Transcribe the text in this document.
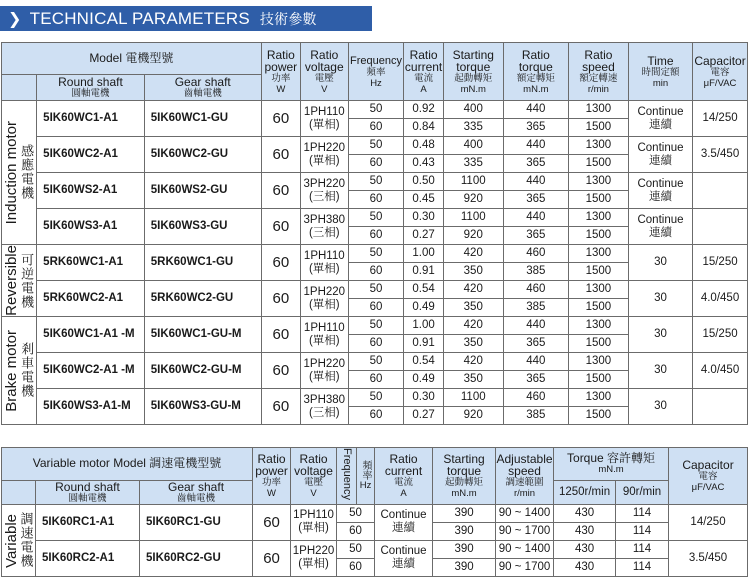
❯ TECHNICAL PARAMETERS 技術參數
Model 電機型號			Ratio
power
功率
W	Ratio
voltage
電壓
V	Frequency
頻率
Hz	Ratio
current
電流
A	Starting
torque
起動轉矩
mN.m	Ratio
torque
額定轉矩
mN.m	Ratio
speed
額定轉速
r/min	Time
時間定額
min	Capacitor
電容
μF/VAC

	Round shaft
圓軸電機	Gear shaft
齒軸電機									

Induction motor 感應電機	5IK60WC1-A1	5IK60WC1-GU	60	1PH110
(單相)	50	0.92	400	440	1300	Continue
連續	14/250
					60	0.84	335	365	1500		
	5IK60WC2-A1	5IK60WC2-GU	60	1PH220
(單相)	50	0.48	400	440	1300	Continue
連續	3.5/450
					60	0.43	335	365	1500		
	5IK60WS2-A1	5IK60WS2-GU	60	3PH220
(三相)	50	0.50	1100	440	1300	Continue
連續	

					60	0.45	920	365	1500		
	5IK60WS3-A1	5IK60WS3-GU	60	3PH380
(三相)	50	0.30	1100	440	1300	Continue
連續	

					60	0.27	920	365	1500		

Reversible 可逆電機	5RK60WC1-A1	5RK60WC1-GU	60	1PH110
(單相)	50	1.00	420	460	1300	30	15/250
					60	0.91	350	385	1500		
	5RK60WC2-A1	5RK60WC2-GU	60	1PH220
(單相)	50	0.54	420	460	1300	30	4.0/450
					60	0.49	350	385	1500		

Brake motor 剎車電機	5IK60WC1-A1 -M	5IK60WC1-GU-M	60	1PH110
(單相)	50	1.00	420	440	1300	30	15/250
					60	0.91	350	365	1500		
	5IK60WC2-A1 -M	5IK60WC2-GU-M	60	1PH220
(單相)	50	0.54	420	440	1300	30	4.0/450
					60	0.49	350	365	1500		
	5IK60WS3-A1-M	5IK60WS3-GU-M	60	3PH380
(三相)	50	0.30	1100	460	1300	30	

					60	0.27	920	385	1500		
Variable motor Model 調速電機型號			Ratio
power
功率
W	Ratio
voltage
電壓
V	Frequency	頻率
Hz	Ratio
current
電流
A	Starting
torque
起動轉矩
mN.m	Adjustable
speed
調速範圍
r/min	Torque 容許轉矩
mN.m		Capacitor
電容
μF/VAC

	Round shaft
圓軸電機	Gear shaft
齒軸電機								1250r/min	90r/min	

Variable 調速電機	5IK60RC1-A1	5IK60RC1-GU	60	1PH110
(單相)	50		Continue
連續	390	90 ~ 1400	430	114	14/250
					60			390	90 ~ 1700	430	114	
	5IK60RC2-A1	5IK60RC2-GU	60	1PH220
(單相)	50		Continue
連續	390	90 ~ 1400	430	114	3.5/450
					60			390	90 ~ 1700	430	114	
